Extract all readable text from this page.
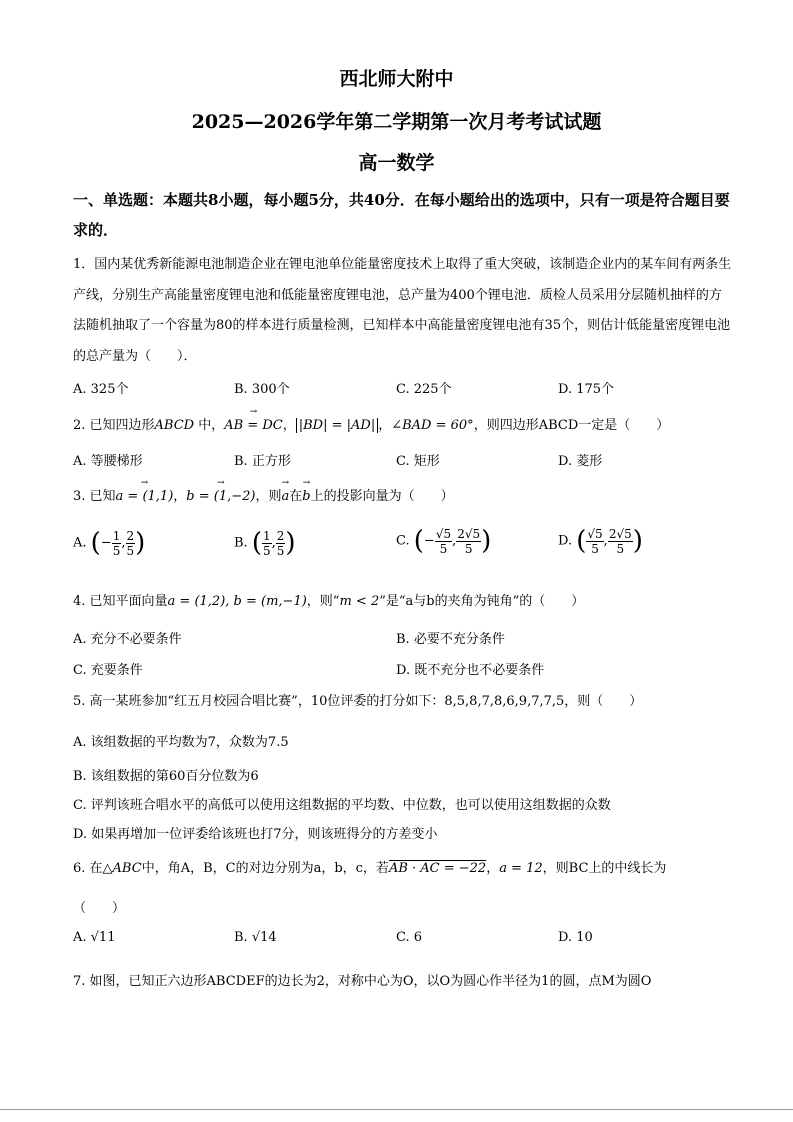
西北师大附中
2025—2026学年第二学期第一次月考考试试题
高一数学
一、单选题：本题共8小题，每小题5分，共40分．在每小题给出的选项中，只有一项是符合题目要求的．
1．国内某优秀新能源电池制造企业在锂电池单位能量密度技术上取得了重大突破，该制造企业内的某车间有两条生产线，分别生产高能量密度锂电池和低能量密度锂电池，总产量为400个锂电池．质检人员采用分层随机抽样的方法随机抽取了一个容量为80的样本进行质量检测，已知样本中高能量密度锂电池有35个，则估计低能量密度锂电池的总产量为（　　）．
A. 325个	B. 300个	C. 225个	D. 175个
2. 已知四边形ABCD 中，→ AB = DC， |BD| = |AD| ，∠BAD = 60°，则四边形ABCD一定是（　　）
A. 等腰梯形	B. 正方形	C. 矩形	D. 菱形
3. 已知→ a = (1,1)，→ b = (1,−2)，则→ a在→ b上的投影向量为（　　）
A. (− $\frac{1}{5}$ , $\frac{2}{5}$ )	B. ( $\frac{1}{5}$ , $\frac{2}{5}$ )	C. (− $\frac{√5}{5}$ , $\frac{2√5}{5}$ )	D. ( $\frac{√5}{5}$ , $\frac{2√5}{5}$ )
4. 已知平面向量a = (1,2), b = (m,−1)，则“m < 2”是“a与b的夹角为钝角”的（　　）
A. 充分不必要条件	B. 必要不充分条件
C. 充要条件	D. 既不充分也不必要条件
5. 高一某班参加“红五月校园合唱比赛”，10位评委的打分如下：8,5,8,7,8,6,9,7,7,5，则（　　）
A. 该组数据的平均数为7，众数为7.5
B. 该组数据的第60百分位数为6
C. 评判该班合唱水平的高低可以使用这组数据的平均数、中位数，也可以使用这组数据的众数
D. 如果再增加一位评委给该班也打7分，则该班得分的方差变小
6. 在△ABC中，角A，B，C的对边分别为a，b，c，若AB · AC = −22，a = 12，则BC上的中线长为
（　　）
A. √11	B. √14	C. 6	D. 10
7. 如图，已知正六边形ABCDEF的边长为2，对称中心为O，以O为圆心作半径为1的圆，点M为圆O
